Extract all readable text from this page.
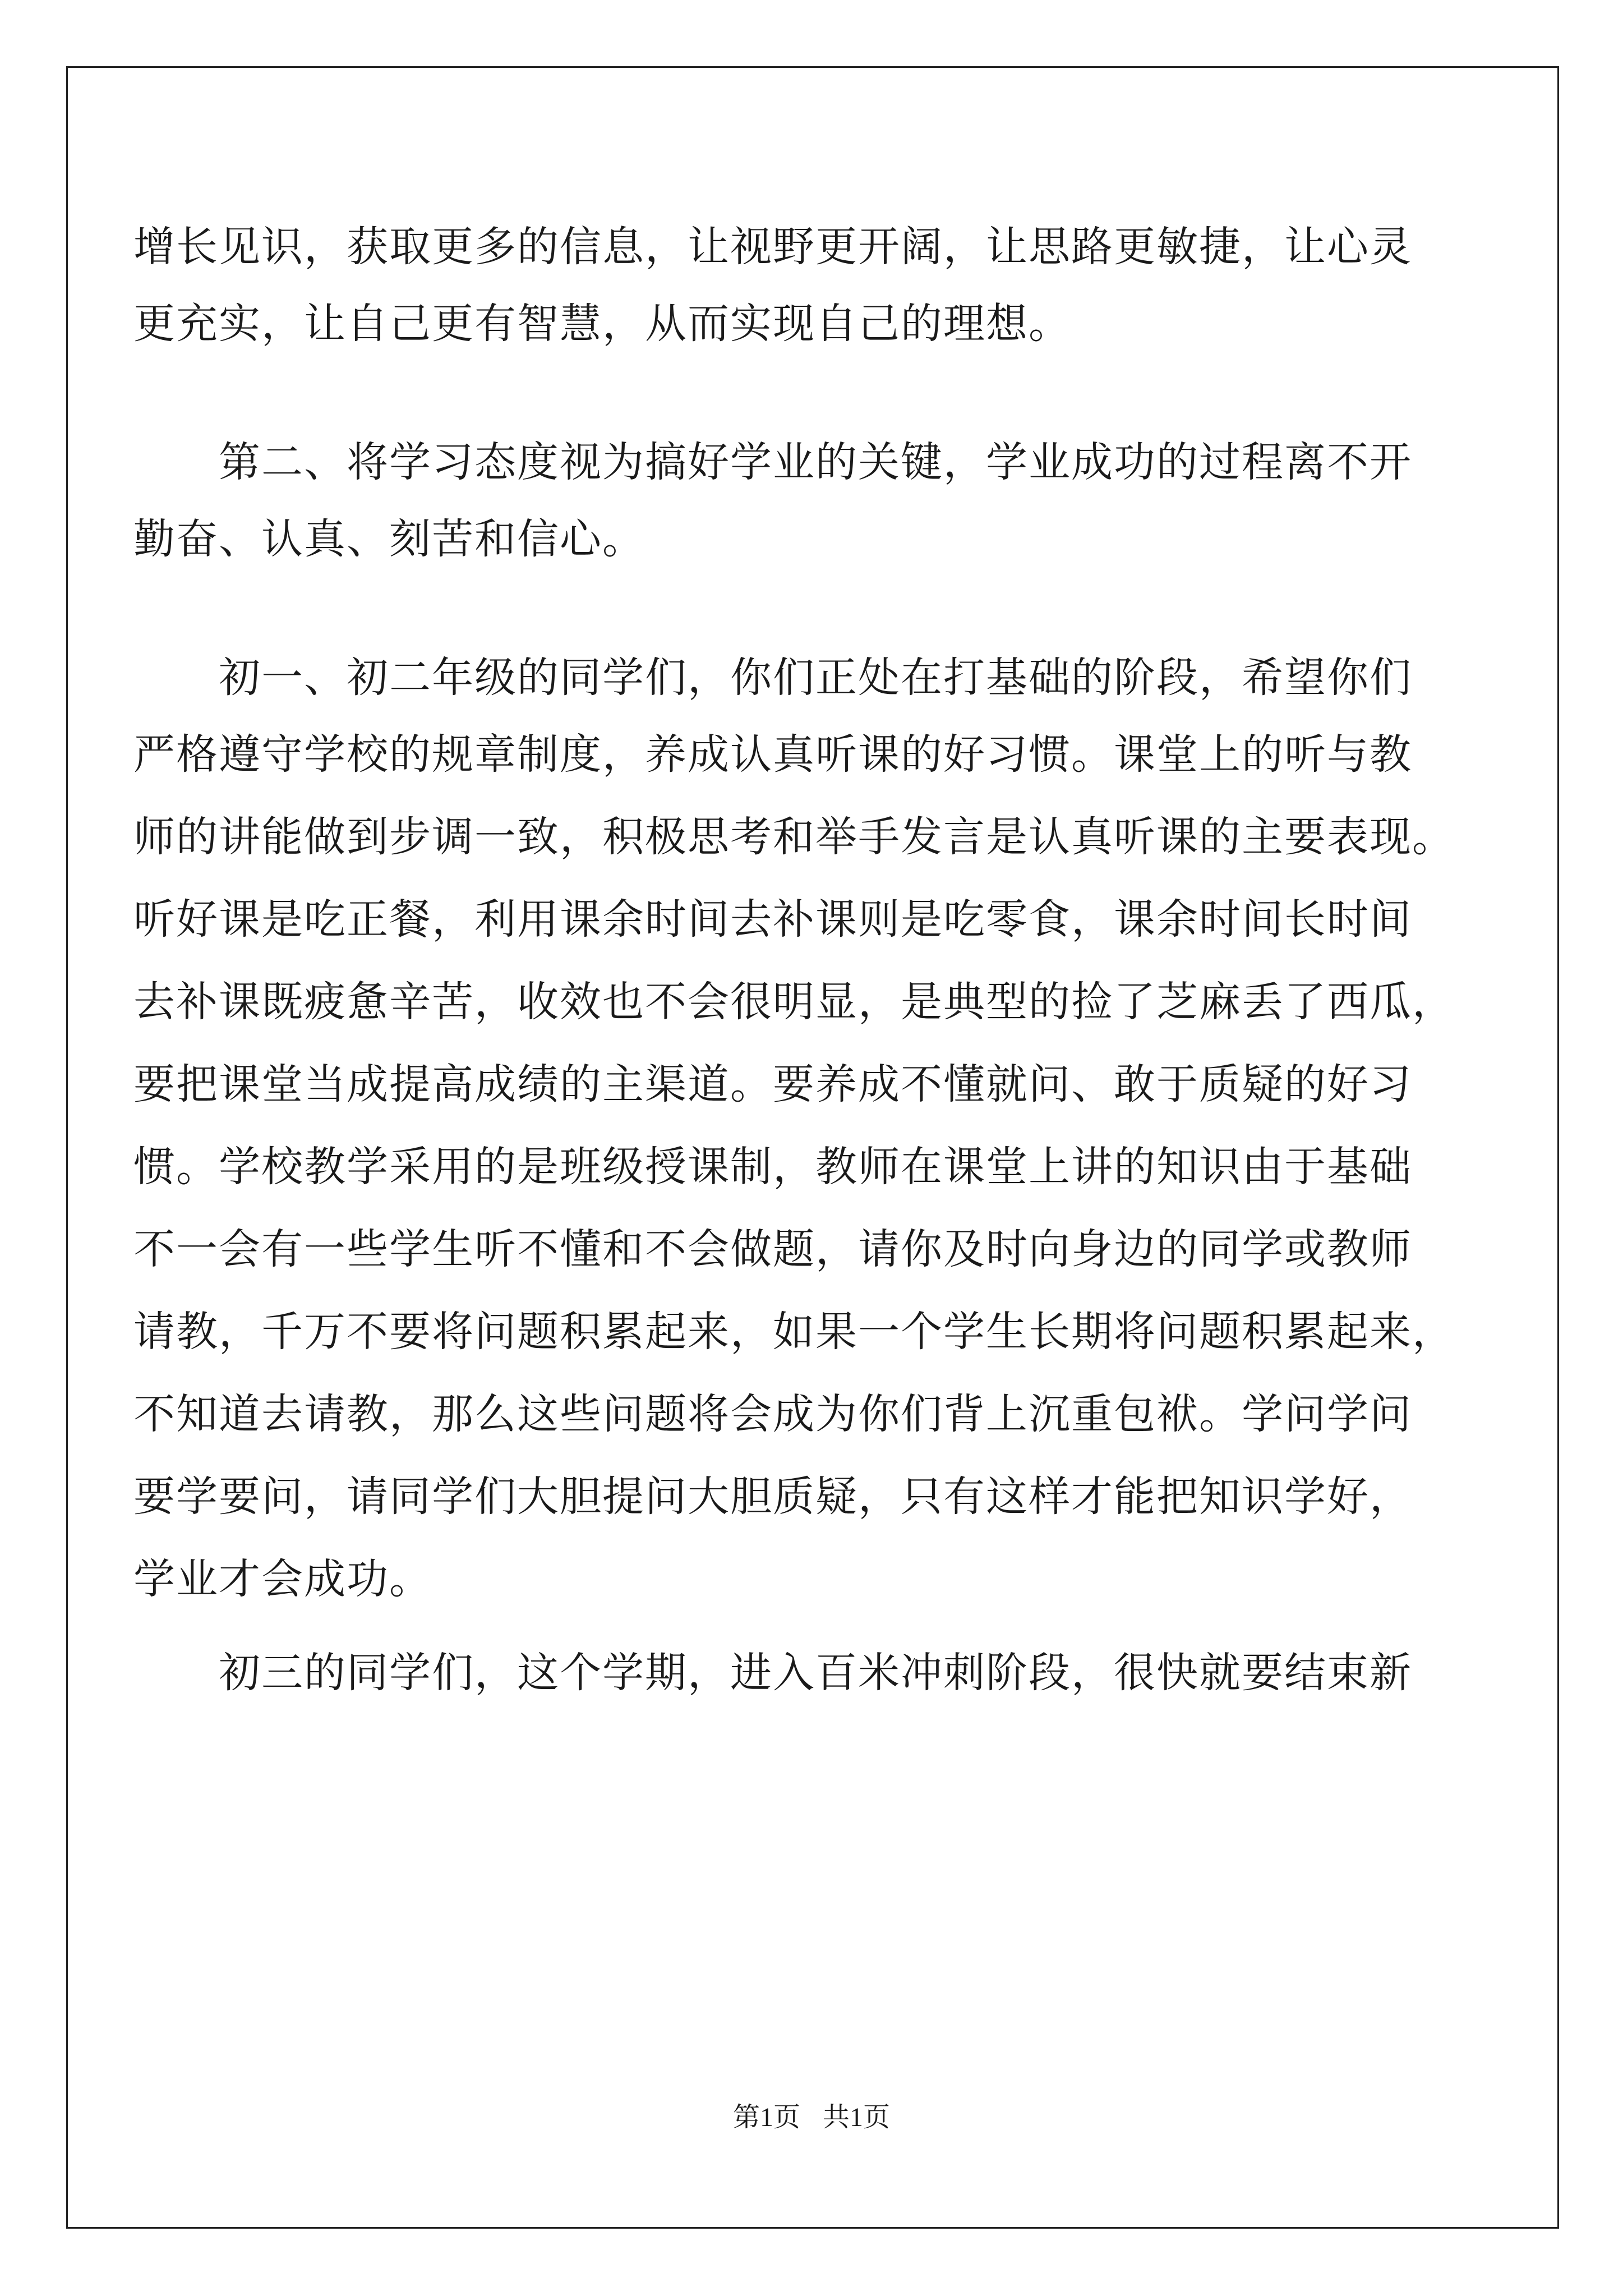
增长见识，获取更多的信息，让视野更开阔，让思路更敏捷，让心灵
更充实，让自己更有智慧，从而实现自己的理想。
　　第二、将学习态度视为搞好学业的关键，学业成功的过程离不开
勤奋、认真、刻苦和信心。
　　初一、初二年级的同学们，你们正处在打基础的阶段，希望你们
严格遵守学校的规章制度，养成认真听课的好习惯。课堂上的听与教
师的讲能做到步调一致，积极思考和举手发言是认真听课的主要表现。
听好课是吃正餐，利用课余时间去补课则是吃零食，课余时间长时间
去补课既疲惫辛苦，收效也不会很明显，是典型的捡了芝麻丢了西瓜，
要把课堂当成提高成绩的主渠道。要养成不懂就问、敢于质疑的好习
惯。学校教学采用的是班级授课制，教师在课堂上讲的知识由于基础
不一会有一些学生听不懂和不会做题，请你及时向身边的同学或教师
请教，千万不要将问题积累起来，如果一个学生长期将问题积累起来，
不知道去请教，那么这些问题将会成为你们背上沉重包袱。学问学问
要学要问，请同学们大胆提问大胆质疑，只有这样才能把知识学好，
学业才会成功。
　　初三的同学们，这个学期，进入百米冲刺阶段，很快就要结束新
第1页 共1页
